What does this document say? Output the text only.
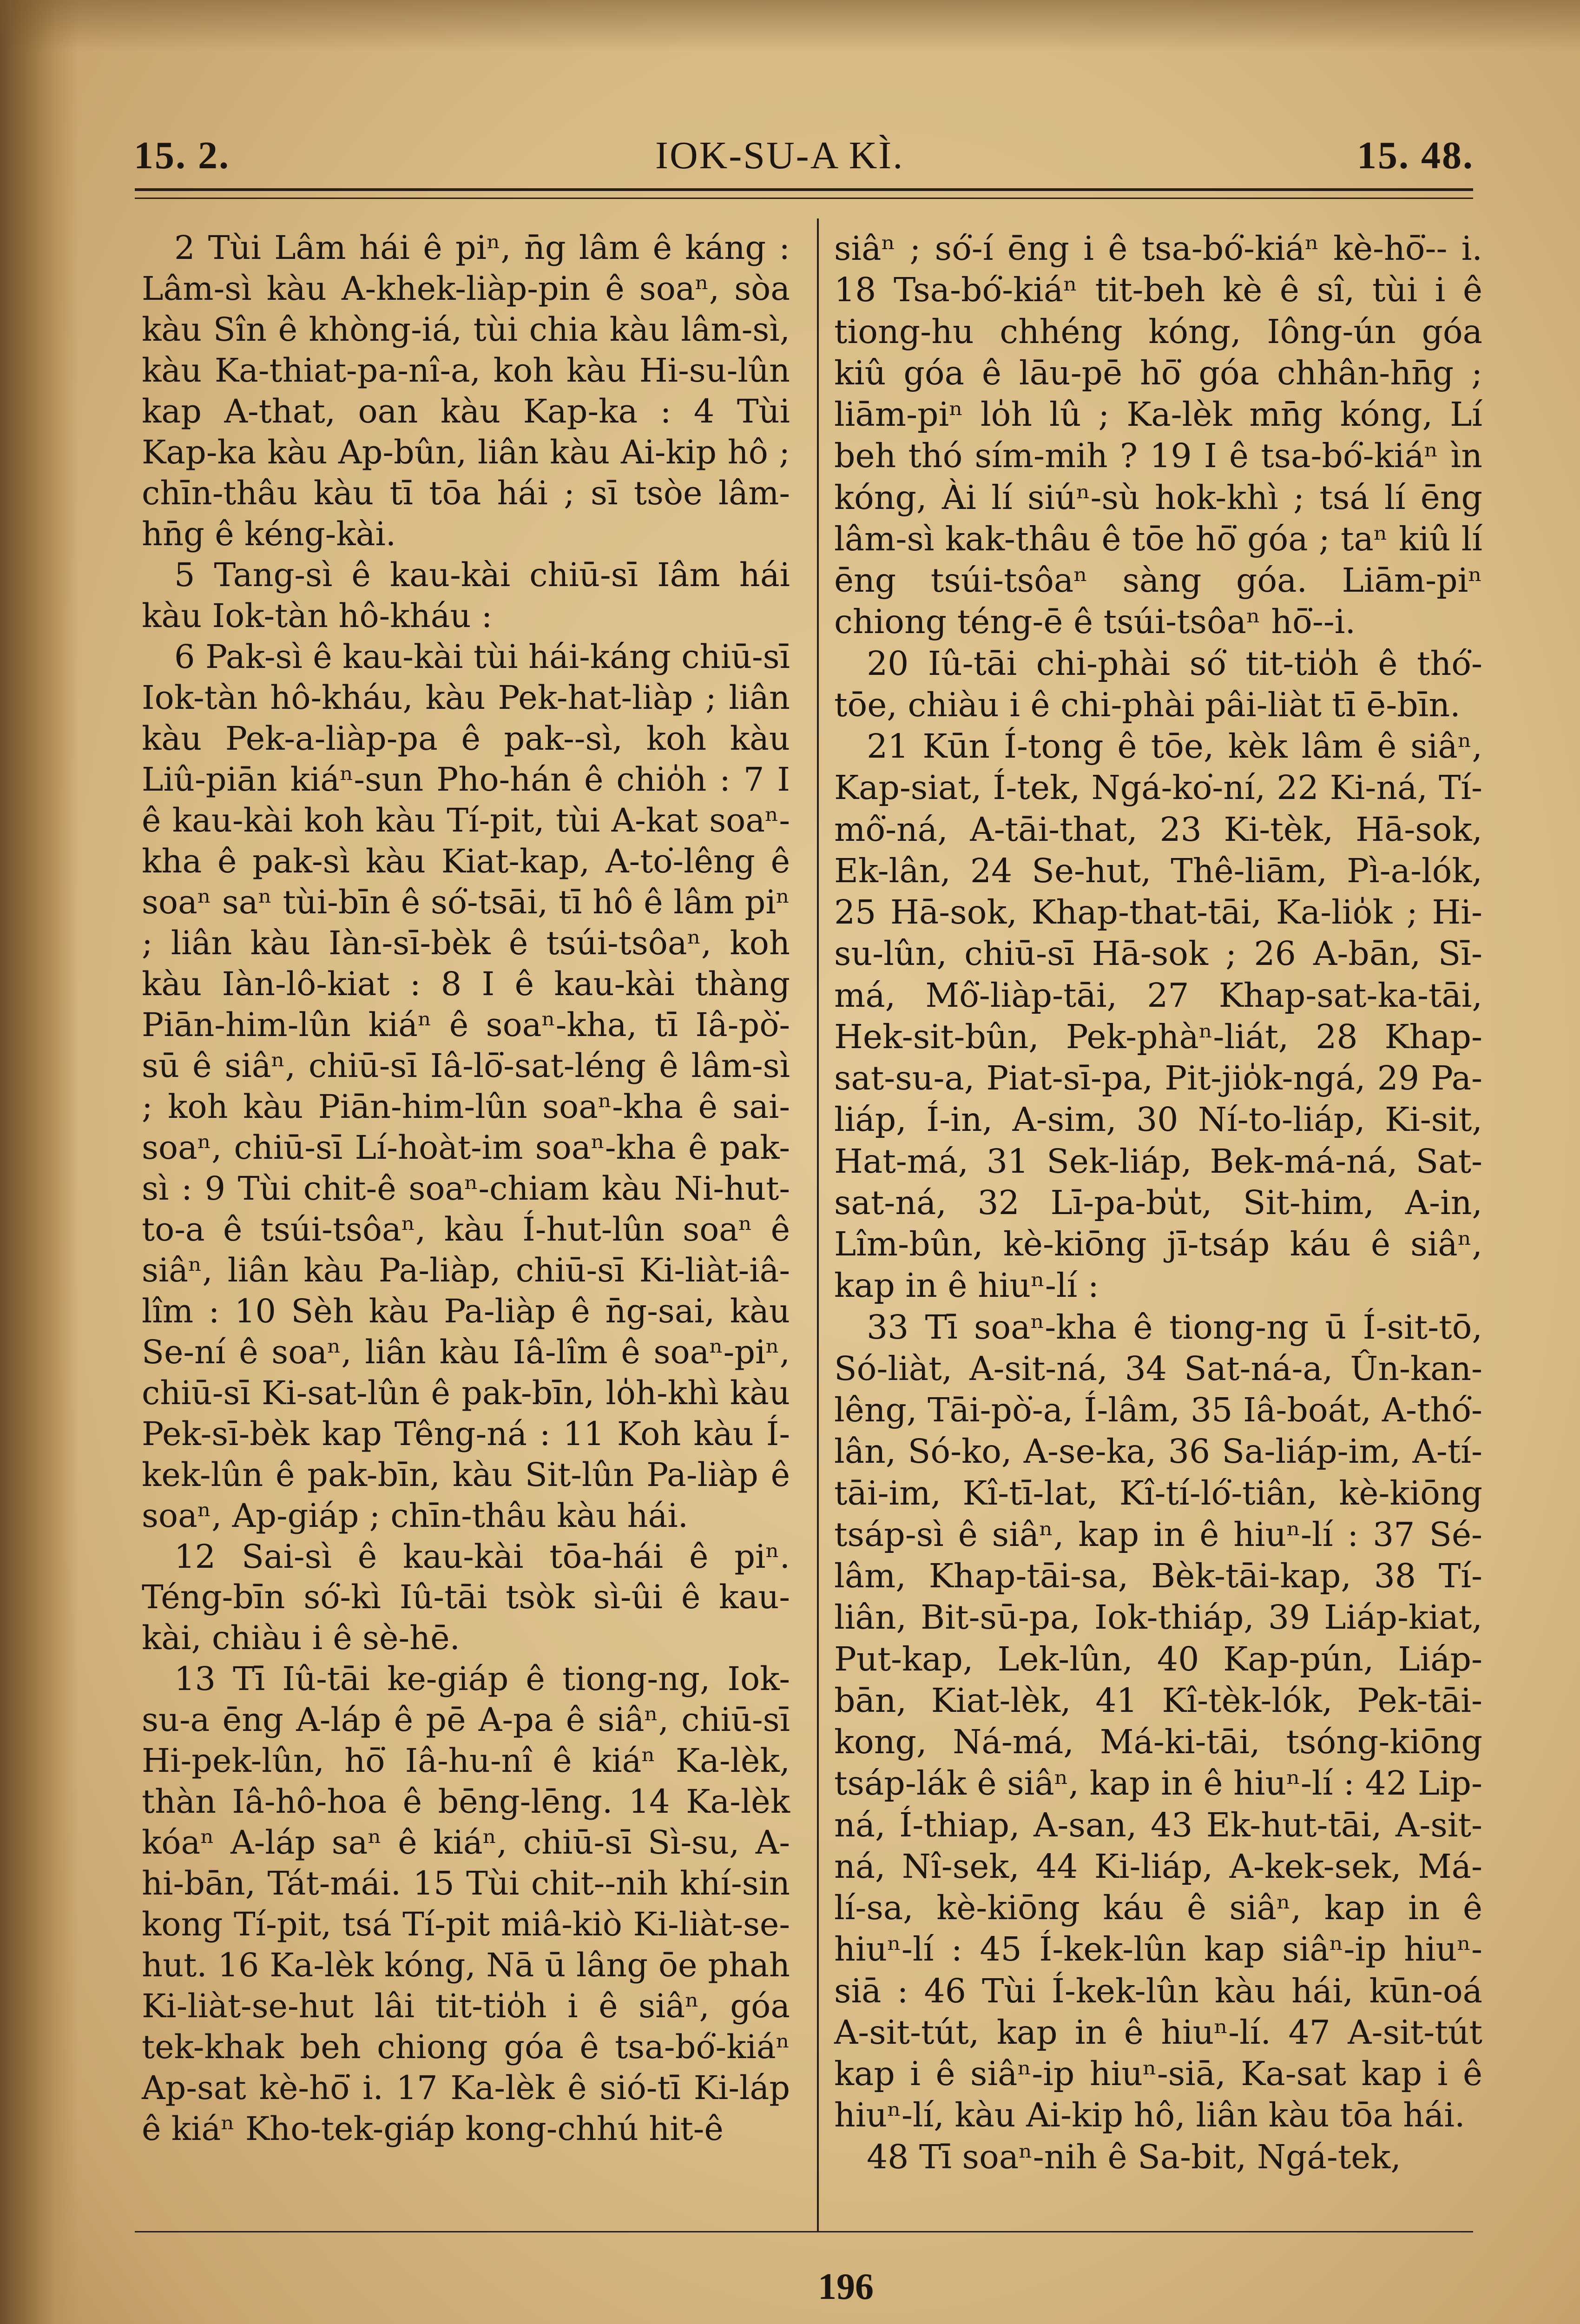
15. 2.	IOK-SU-A KÌ.	15. 48.

2 Tùi Lâm hái ê piⁿ, n̄g lâm ê káng : Lâm-sì kàu A-khek-liàp-pin ê soaⁿ, sòa kàu Sîn ê khòng-iá, tùi chia kàu lâm-sì, kàu Ka-thiat-pa-nî-a, koh kàu Hi-su-lûn kap A-that, oan kàu Kap-ka : 4 Tùi Kap-ka kàu Ap-bûn, liân kàu Ai-kip hô ; chīn-thâu kàu tī tōa hái ; sī tsòe lâm-hn̄g ê kéng-kài.

5 Tang-sì ê kau-kài chiū-sī Iâm hái kàu Iok-tàn hô-kháu :

6 Pak-sì ê kau-kài tùi hái-káng chiū-sī Iok-tàn hô-kháu, kàu Pek-hat-liàp ; liân kàu Pek-a-liàp-pa ê pak--sì, koh kàu Liû-piān kiáⁿ-sun Pho-hán ê chio̍h : 7 I ê kau-kài koh kàu Tí-pit, tùi A-kat soaⁿ-kha ê pak-sì kàu Kiat-kap, A-to͘-lêng ê soaⁿ saⁿ tùi-bīn ê só͘-tsāi, tī hô ê lâm piⁿ ; liân kàu Iàn-sī-bèk ê tsúi-tsôaⁿ, koh kàu Iàn-lô-kiat : 8 I ê kau-kài thàng Piān-him-lûn kiáⁿ ê soaⁿ-kha, tī Iâ-pò͘-sū ê siâⁿ, chiū-sī Iâ-lō͘-sat-léng ê lâm-sì ; koh kàu Piān-him-lûn soaⁿ-kha ê sai-soaⁿ, chiū-sī Lí-hoàt-im soaⁿ-kha ê pak-sì : 9 Tùi chit-ê soaⁿ-chiam kàu Ni-hut-to-a ê tsúi-tsôaⁿ, kàu Í-hut-lûn soaⁿ ê siâⁿ, liân kàu Pa-liàp, chiū-sī Ki-liàt-iâ-lîm : 10 Sèh kàu Pa-liàp ê n̄g-sai, kàu Se-ní ê soaⁿ, liân kàu Iâ-lîm ê soaⁿ-piⁿ, chiū-sī Ki-sat-lûn ê pak-bīn, lo̍h-khì kàu Pek-sī-bèk kap Têng-ná : 11 Koh kàu Í-kek-lûn ê pak-bīn, kàu Sit-lûn Pa-liàp ê soaⁿ, Ap-giáp ; chīn-thâu kàu hái.

12 Sai-sì ê kau-kài tōa-hái ê piⁿ. Téng-bīn só͘-kì Iû-tāi tsòk sì-ûi ê kau-kài, chiàu i ê sè-hē.

13 Tī Iû-tāi ke-giáp ê tiong-ng, Iok-su-a ēng A-láp ê pē A-pa ê siâⁿ, chiū-sī Hi-pek-lûn, hō͘ Iâ-hu-nî ê kiáⁿ Ka-lèk, thàn Iâ-hô-hoa ê bēng-lēng. 14 Ka-lèk kóaⁿ A-láp saⁿ ê kiáⁿ, chiū-sī Sì-su, A-hi-bān, Tát-mái. 15 Tùi chit--nih khí-sin kong Tí-pit, tsá Tí-pit miâ-kiò Ki-liàt-se-hut. 16 Ka-lèk kóng, Nā ū lâng ōe phah Ki-liàt-se-hut lâi tit-tio̍h i ê siâⁿ, góa tek-khak beh chiong góa ê tsa-bó͘-kiáⁿ Ap-sat kè-hō͘ i. 17 Ka-lèk ê sió-tī Ki-láp ê kiáⁿ Kho-tek-giáp kong-chhú hit-ê

siâⁿ ; só͘-í ēng i ê tsa-bó͘-kiáⁿ kè-hō͘-- i. 18 Tsa-bó͘-kiáⁿ tit-beh kè ê sî, tùi i ê tiong-hu chhéng kóng, Iông-ún góa kiû góa ê lāu-pē hō͘ góa chhân-hn̄g ; liām-piⁿ lo̍h lû ; Ka-lèk mn̄g kóng, Lí beh thó sím-mih ? 19 I ê tsa-bó͘-kiáⁿ ìn kóng, Ài lí siúⁿ-sù hok-khì ; tsá lí ēng lâm-sì kak-thâu ê tōe hō͘ góa ; taⁿ kiû lí ēng tsúi-tsôaⁿ sàng góa. Liām-piⁿ chiong téng-ē ê tsúi-tsôaⁿ hō͘--i.

20 Iû-tāi chi-phài só͘ tit-tio̍h ê thó͘-tōe, chiàu i ê chi-phài pâi-liàt tī ē-bīn.

21 Kūn Í-tong ê tōe, kèk lâm ê siâⁿ, Kap-siat, Í-tek, Ngá-ko͘-ní, 22 Ki-ná, Tí-mô͘-ná, A-tāi-that, 23 Ki-tèk, Hā-sok, Ek-lân, 24 Se-hut, Thê-liām, Pì-a-lók, 25 Hā-sok, Khap-that-tāi, Ka-lio̍k ; Hi-su-lûn, chiū-sī Hā-sok ; 26 A-bān, Sī-má, Mô͘-liàp-tāi, 27 Khap-sat-ka-tāi, Hek-sit-bûn, Pek-phàⁿ-liát, 28 Khap-sat-su-a, Piat-sī-pa, Pit-jio̍k-ngá, 29 Pa-liáp, Í-in, A-sim, 30 Ní-to-liáp, Ki-sit, Hat-má, 31 Sek-liáp, Bek-má-ná, Sat-sat-ná, 32 Lī-pa-bu̍t, Sit-him, A-in, Lîm-bûn, kè-kiōng jī-tsáp káu ê siâⁿ, kap in ê hiuⁿ-lí :

33 Tī soaⁿ-kha ê tiong-ng ū Í-sit-tō, Só-liàt, A-sit-ná, 34 Sat-ná-a, Ûn-kan-lêng, Tāi-pò͘-a, Í-lâm, 35 Iâ-boát, A-thó͘-lân, Só-ko, A-se-ka, 36 Sa-liáp-im, A-tí-tāi-im, Kî-tī-lat, Kî-tí-ló͘-tiân, kè-kiōng tsáp-sì ê siâⁿ, kap in ê hiuⁿ-lí : 37 Sé-lâm, Khap-tāi-sa, Bèk-tāi-kap, 38 Tí-liân, Bit-sū-pa, Iok-thiáp, 39 Liáp-kiat, Put-kap, Lek-lûn, 40 Kap-pún, Liáp-bān, Kiat-lèk, 41 Kî-tèk-lók, Pek-tāi-kong, Ná-má, Má-ki-tāi, tsóng-kiōng tsáp-lák ê siâⁿ, kap in ê hiuⁿ-lí : 42 Lip-ná, Í-thiap, A-san, 43 Ek-hut-tāi, A-sit-ná, Nî-sek, 44 Ki-liáp, A-kek-sek, Má-lí-sa, kè-kiōng káu ê siâⁿ, kap in ê hiuⁿ-lí : 45 Í-kek-lûn kap siâⁿ-ip hiuⁿ-siā : 46 Tùi Í-kek-lûn kàu hái, kūn-oá A-sit-tút, kap in ê hiuⁿ-lí. 47 A-sit-tút kap i ê siâⁿ-ip hiuⁿ-siā, Ka-sat kap i ê hiuⁿ-lí, kàu Ai-kip hô, liân kàu tōa hái.

48 Tī soaⁿ-nih ê Sa-bit, Ngá-tek,

196
